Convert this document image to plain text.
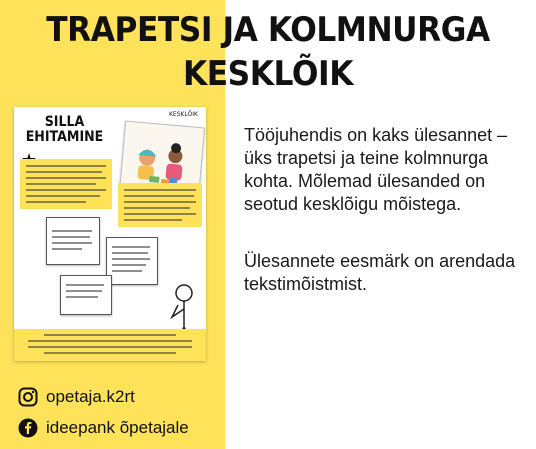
TRAPETSI JA KOLMNURGA
KESKLÕIK
SILLA
EHITAMINE
KESKLÕIK

Tööjuhendis on kaks ülesannet – üks trapetsi ja teine kolmnurga kohta. Mõlemad ülesanded on seotud kesklõigu mõistega.

Ülesannete eesmärk on arendada tekstimõistmist.

opetaja.k2rt
ideepank õpetajale
